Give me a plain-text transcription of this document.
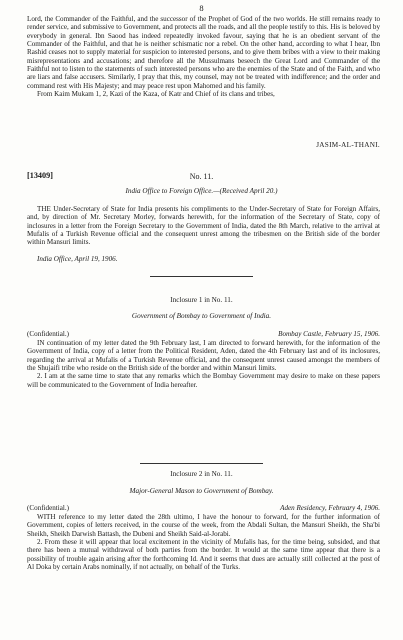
8

Lord, the Commander of the Faithful, and the successor of the Prophet of God of the two worlds. He still remains ready to render service, and submissive to Government, and protects all the roads, and all the people testify to this. His is beloved by everybody in general. Ibn Saood has indeed repeatedly invoked favour, saying that he is an obedient servant of the Commander of the Faithful, and that he is neither schismatic nor a rebel. On the other hand, according to what I hear, Ibn Rashid ceases not to supply material for suspicion to interested persons, and to give them bribes with a view to their making misrepresentations and accusations; and therefore all the Mussulmans beseech the Great Lord and Commander of the Faithful not to listen to the statements of such interested persons who are the enemies of the State and of the Faith, and who are liars and false accusers. Similarly, I pray that this, my counsel, may not be treated with indifference; and the order and command rest with His Majesty; and may peace rest upon Mahomed and his family.

From Kaim Mukam 1, 2, Kazi of the Kaza, of Katr and Chief of its clans and tribes,

JASIM-AL-THANI.
[13409]	No. 11.
India Office to Foreign Office.—(Received April 20.)
THE Under-Secretary of State for India presents his compliments to the Under-Secretary of State for Foreign Affairs, and, by direction of Mr. Secretary Morley, forwards herewith, for the information of the Secretary of State, copy of inclosures in a letter from the Foreign Secretary to the Government of India, dated the 8th March, relative to the arrival at Mufalis of a Turkish Revenue official and the consequent unrest among the tribesmen on the British side of the border within Mansuri limits.
India Office, April 19, 1906.
Inclosure 1 in No. 11.
Government of Bombay to Government of India.
(Confidential.)	Bombay Castle, February 15, 1906.

IN continuation of my letter dated the 9th February last, I am directed to forward herewith, for the information of the Government of India, copy of a letter from the Political Resident, Aden, dated the 4th February last and of its inclosures, regarding the arrival at Mufalis of a Turkish Revenue official, and the consequent unrest caused amongst the members of the Shujaifi tribe who reside on the British side of the border and within Mansuri limits.

2. I am at the same time to state that any remarks which the Bombay Government may desire to make on these papers will be communicated to the Government of India hereafter.

Inclosure 2 in No. 11.
Major-General Mason to Government of Bombay.
(Confidential.)	Aden Residency, February 4, 1906.

WITH reference to my letter dated the 28th ultimo, I have the honour to forward, for the further information of Government, copies of letters received, in the course of the week, from the Abdali Sultan, the Mansuri Sheikh, the Sha'bi Sheikh, Sheikh Darwish Battash, the Dubeni and Sheikh Said-al-Jorabi.

2. From these it will appear that local excitement in the vicinity of Mufalis has, for the time being, subsided, and that there has been a mutual withdrawal of both parties from the border. It would at the same time appear that there is a possibility of trouble again arising after the forthcoming Id. And it seems that dues are actually still collected at the post of Al Doka by certain Arabs nominally, if not actually, on behalf of the Turks.
